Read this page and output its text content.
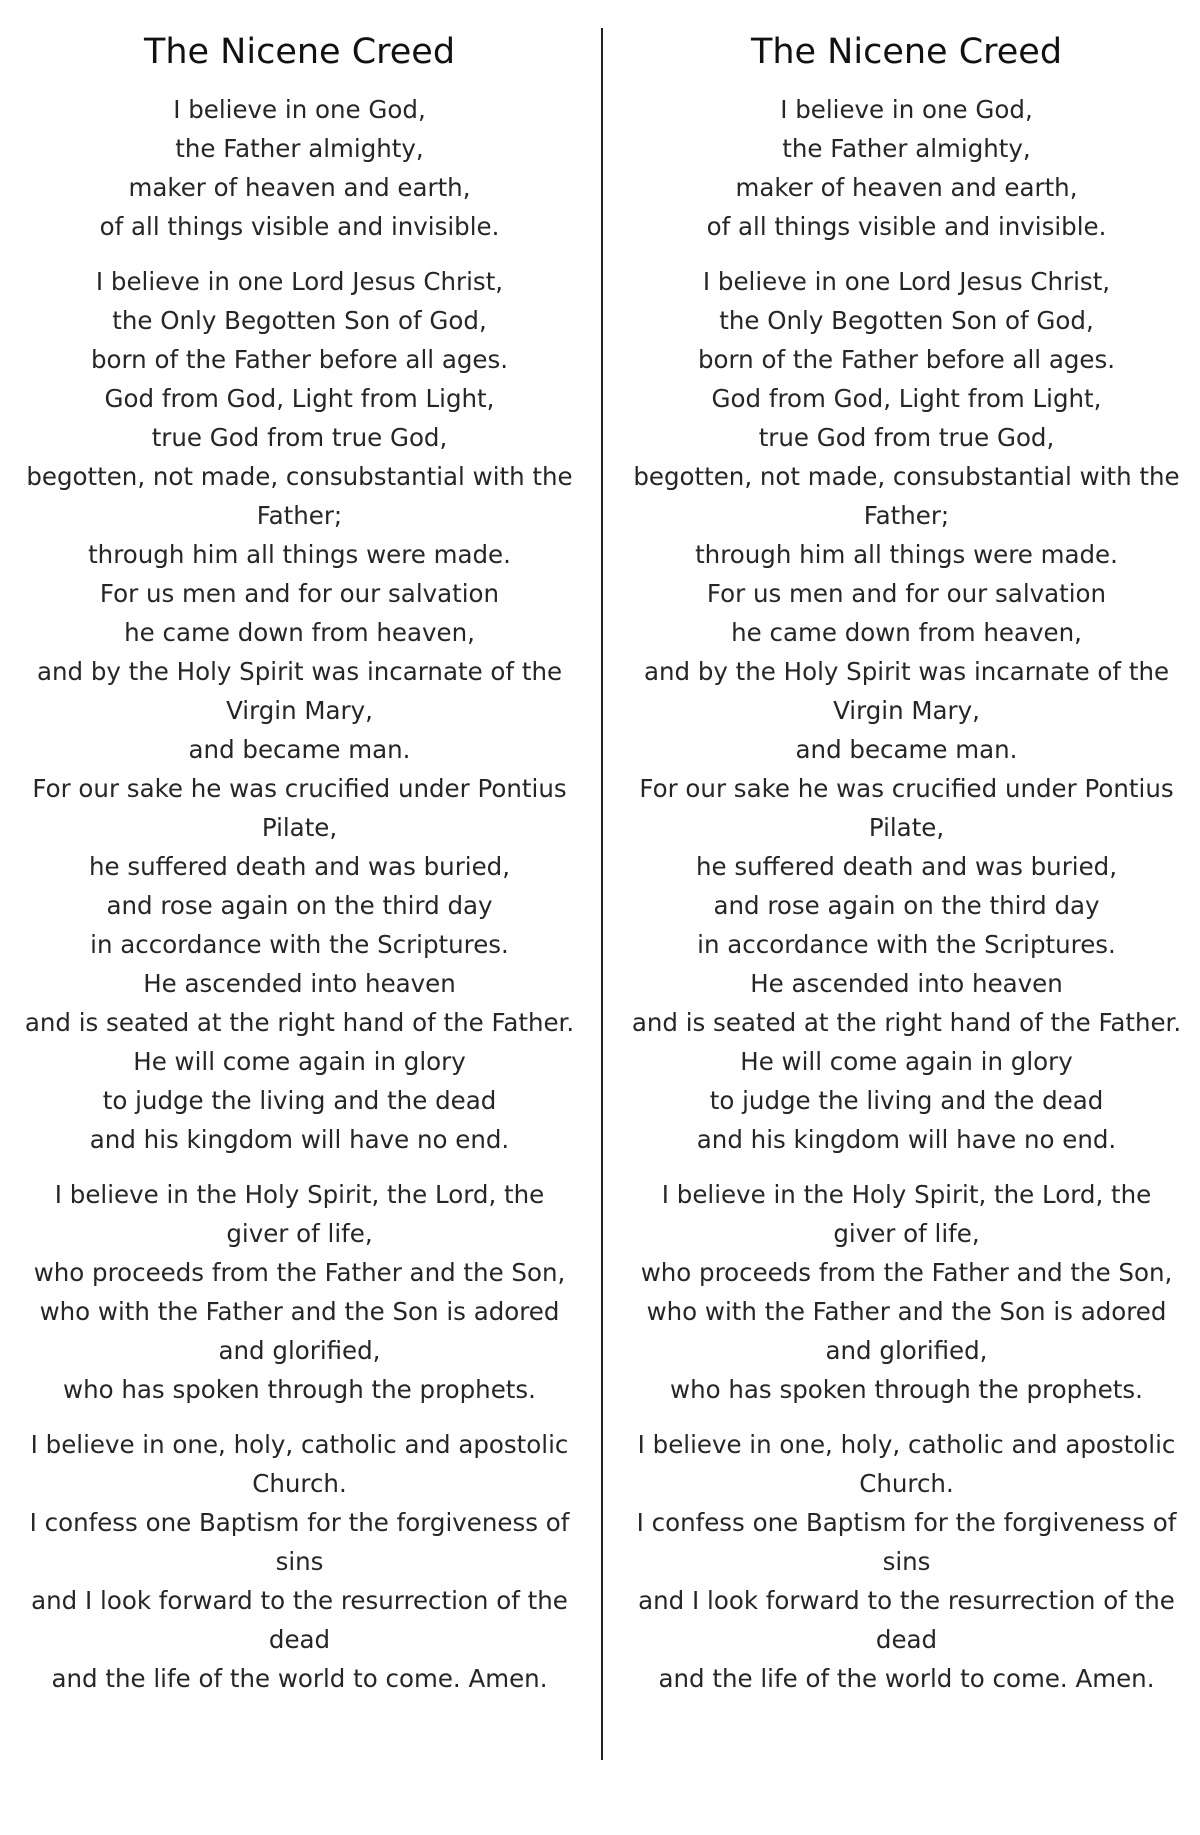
The Nicene Creed
I believe in one God,
the Father almighty,
maker of heaven and earth,
of all things visible and invisible.
I believe in one Lord Jesus Christ,
the Only Begotten Son of God,
born of the Father before all ages.
God from God, Light from Light,
true God from true God,
begotten, not made, consubstantial with the Father;
through him all things were made.
For us men and for our salvation
he came down from heaven,
and by the Holy Spirit was incarnate of the Virgin Mary,
and became man.
For our sake he was crucified under Pontius Pilate,
he suffered death and was buried,
and rose again on the third day
in accordance with the Scriptures.
He ascended into heaven
and is seated at the right hand of the Father.
He will come again in glory
to judge the living and the dead
and his kingdom will have no end.
I believe in the Holy Spirit, the Lord, the giver of life,
who proceeds from the Father and the Son,
who with the Father and the Son is adored and glorified,
who has spoken through the prophets.
I believe in one, holy, catholic and apostolic Church.
I confess one Baptism for the forgiveness of sins
and I look forward to the resurrection of the dead
and the life of the world to come. Amen.
The Nicene Creed
I believe in one God,
the Father almighty,
maker of heaven and earth,
of all things visible and invisible.
I believe in one Lord Jesus Christ,
the Only Begotten Son of God,
born of the Father before all ages.
God from God, Light from Light,
true God from true God,
begotten, not made, consubstantial with the Father;
through him all things were made.
For us men and for our salvation
he came down from heaven,
and by the Holy Spirit was incarnate of the Virgin Mary,
and became man.
For our sake he was crucified under Pontius Pilate,
he suffered death and was buried,
and rose again on the third day
in accordance with the Scriptures.
He ascended into heaven
and is seated at the right hand of the Father.
He will come again in glory
to judge the living and the dead
and his kingdom will have no end.
I believe in the Holy Spirit, the Lord, the giver of life,
who proceeds from the Father and the Son,
who with the Father and the Son is adored and glorified,
who has spoken through the prophets.
I believe in one, holy, catholic and apostolic Church.
I confess one Baptism for the forgiveness of sins
and I look forward to the resurrection of the dead
and the life of the world to come. Amen.
